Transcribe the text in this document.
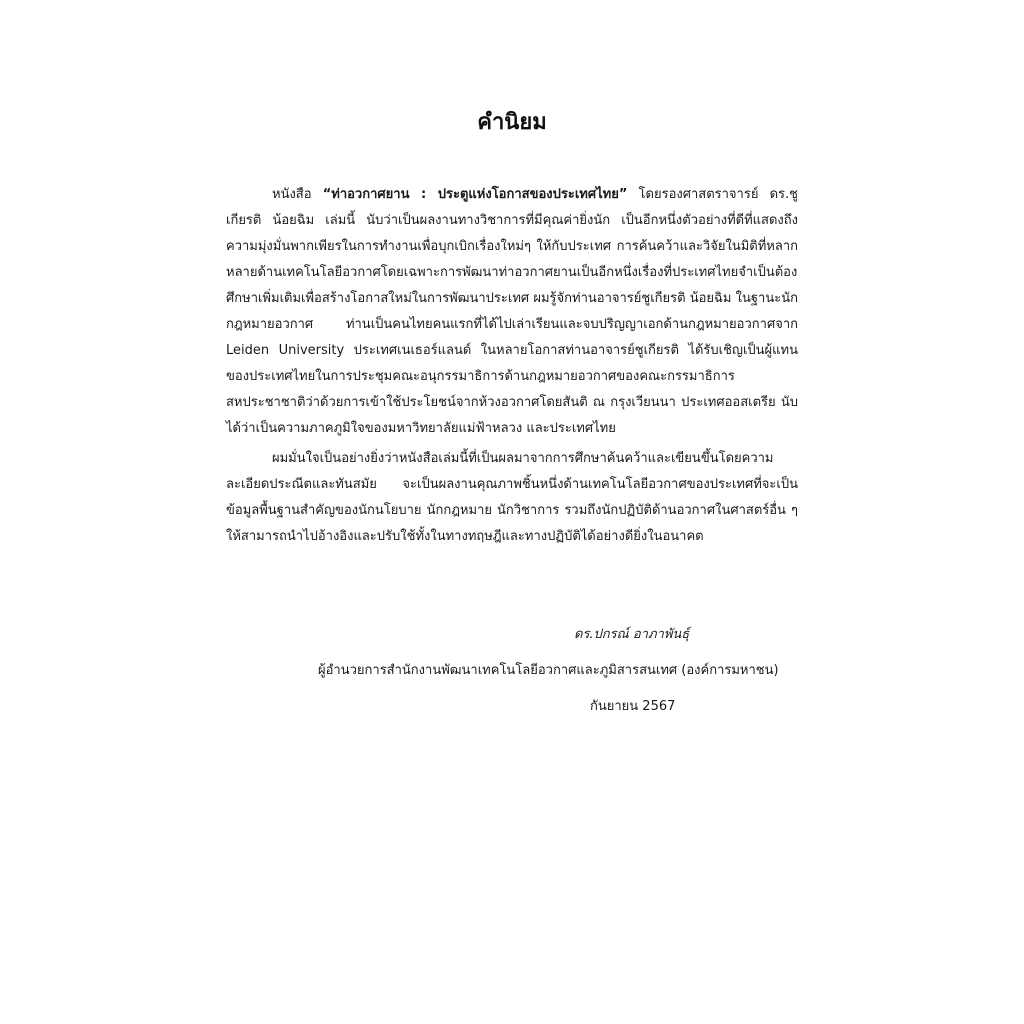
คำนิยม

หนังสือ “ท่าอวกาศยาน : ประตูแห่งโอกาสของประเทศไทย” โดยรองศาสตราจารย์ ดร.ชูเกียรติ น้อยฉิม เล่มนี้ นับว่าเป็นผลงานทางวิชาการที่มีคุณค่ายิ่งนัก เป็นอีกหนึ่งตัวอย่างที่ดีที่แสดงถึงความมุ่งมั่นพากเพียรในการทำงานเพื่อบุกเบิกเรื่องใหม่ๆ ให้กับประเทศ การค้นคว้าและวิจัยในมิติที่หลากหลายด้านเทคโนโลยีอวกาศโดยเฉพาะการพัฒนาท่าอวกาศยานเป็นอีกหนึ่งเรื่องที่ประเทศไทยจำเป็นต้องศึกษาเพิ่มเติมเพื่อสร้างโอกาสใหม่ในการพัฒนาประเทศ ผมรู้จักท่านอาจารย์ชูเกียรติ น้อยฉิม ในฐานะนักกฎหมายอวกาศ ท่านเป็นคนไทยคนแรกที่ได้ไปเล่าเรียนและจบปริญญาเอกด้านกฎหมายอวกาศจาก Leiden University ประเทศเนเธอร์แลนด์ ในหลายโอกาสท่านอาจารย์ชูเกียรติ ได้รับเชิญเป็นผู้แทนของประเทศไทยในการประชุมคณะอนุกรรมาธิการด้านกฎหมายอวกาศของคณะกรรมาธิการสหประชาชาติว่าด้วยการเข้าใช้ประโยชน์จากห้วงอวกาศโดยสันติ ณ กรุงเวียนนา ประเทศออสเตรีย นับได้ว่าเป็นความภาคภูมิใจของมหาวิทยาลัยแม่ฟ้าหลวง และประเทศไทย

ผมมั่นใจเป็นอย่างยิ่งว่าหนังสือเล่มนี้ที่เป็นผลมาจากการศึกษาค้นคว้าและเขียนขึ้นโดยความละเอียดประณีตและทันสมัย จะเป็นผลงานคุณภาพชิ้นหนึ่งด้านเทคโนโลยีอวกาศของประเทศที่จะเป็นข้อมูลพื้นฐานสำคัญของนักนโยบาย นักกฎหมาย นักวิชาการ รวมถึงนักปฏิบัติด้านอวกาศในศาสตร์อื่น ๆ ให้สามารถนำไปอ้างอิงและปรับใช้ทั้งในทางทฤษฎีและทางปฏิบัติได้อย่างดียิ่งในอนาคต

ดร.ปกรณ์ อาภาพันธุ์
ผู้อำนวยการสำนักงานพัฒนาเทคโนโลยีอวกาศและภูมิสารสนเทศ (องค์การมหาชน)
กันยายน 2567
